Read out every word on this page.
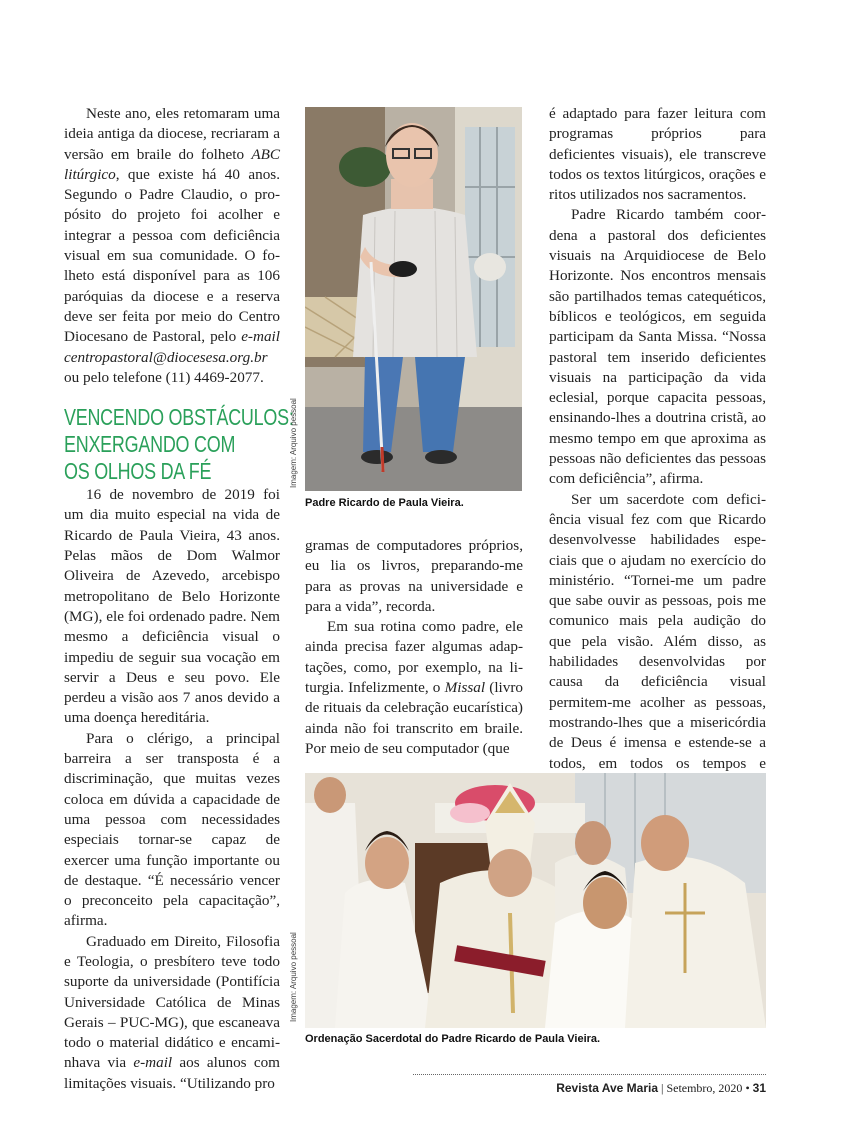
Neste ano, eles retomaram uma ideia antiga da diocese, recriaram a versão em braile do folheto ABC litúrgico, que existe há 40 anos. Segundo o Padre Claudio, o propósito do projeto foi acolher e integrar a pessoa com deficiência visual em sua comunidade. O folheto está disponível para as 106 paróquias da diocese e a reserva deve ser feita por meio do Centro Diocesano de Pastoral, pelo e-mail centropastoral@diocesesa.org.br ou pelo telefone (11) 4469-2077.

VENCENDO OBSTÁCULOS:
ENXERGANDO COM
OS OLHOS DA FÉ

16 de novembro de 2019 foi um dia muito especial na vida de Ricardo de Paula Vieira, 43 anos. Pelas mãos de Dom Walmor Oliveira de Azevedo, arcebispo metropolitano de Belo Horizonte (MG), ele foi ordenado padre. Nem mesmo a deficiência visual o impediu de seguir sua vocação em servir a Deus e seu povo. Ele perdeu a visão aos 7 anos devido a uma doença hereditária.

Para o clérigo, a principal barreira a ser transposta é a discriminação, que muitas vezes coloca em dúvida a capacidade de uma pessoa com necessidades especiais tornar-se capaz de exercer uma função importante ou de destaque. “É necessário vencer o preconceito pela capacitação”, afirma.

Graduado em Direito, Filosofia e Teologia, o presbítero teve todo suporte da universidade (Pontifícia Universidade Católica de Minas Gerais – PUC-MG), que escaneava todo o material didático e encaminhava via e-mail aos alunos com limitações visuais. “Utilizando pro

Imagem: Arquivo pessoal
Padre Ricardo de Paula Vieira.

gramas de computadores próprios, eu lia os livros, preparando-me para as provas na universidade e para a vida”, recorda.

Em sua rotina como padre, ele ainda precisa fazer algumas adaptações, como, por exemplo, na liturgia. Infelizmente, o Missal (livro de rituais da celebração eucarística) ainda não foi transcrito em braile. Por meio de seu computador (que

é adaptado para fazer leitura com programas próprios para deficientes visuais), ele transcreve todos os textos litúrgicos, orações e ritos utilizados nos sacramentos.

Padre Ricardo também coordena a pastoral dos deficientes visuais na Arquidiocese de Belo Horizonte. Nos encontros mensais são partilhados temas catequéticos, bíblicos e teológicos, em seguida participam da Santa Missa. “Nossa pastoral tem inserido deficientes visuais na participação da vida eclesial, porque capacita pessoas, ensinando-lhes a doutrina cristã, ao mesmo tempo em que aproxima as pessoas não deficientes das pessoas com deficiência”, afirma.

Ser um sacerdote com deficiência visual fez com que Ricardo desenvolvesse habilidades especiais que o ajudam no exercício do ministério. “Tornei-me um padre que sabe ouvir as pessoas, pois me comunico mais pela audição do que pela visão. Além disso, as habilidades desenvolvidas por causa da deficiência visual permitem-me acolher as pessoas, mostrando-lhes que a misericórdia de Deus é imensa e estende-se a todos, em todos os tempos e

Imagem: Arquivo pessoal
Ordenação Sacerdotal do Padre Ricardo de Paula Vieira.
Revista Ave Maria | Setembro, 2020 • 31
